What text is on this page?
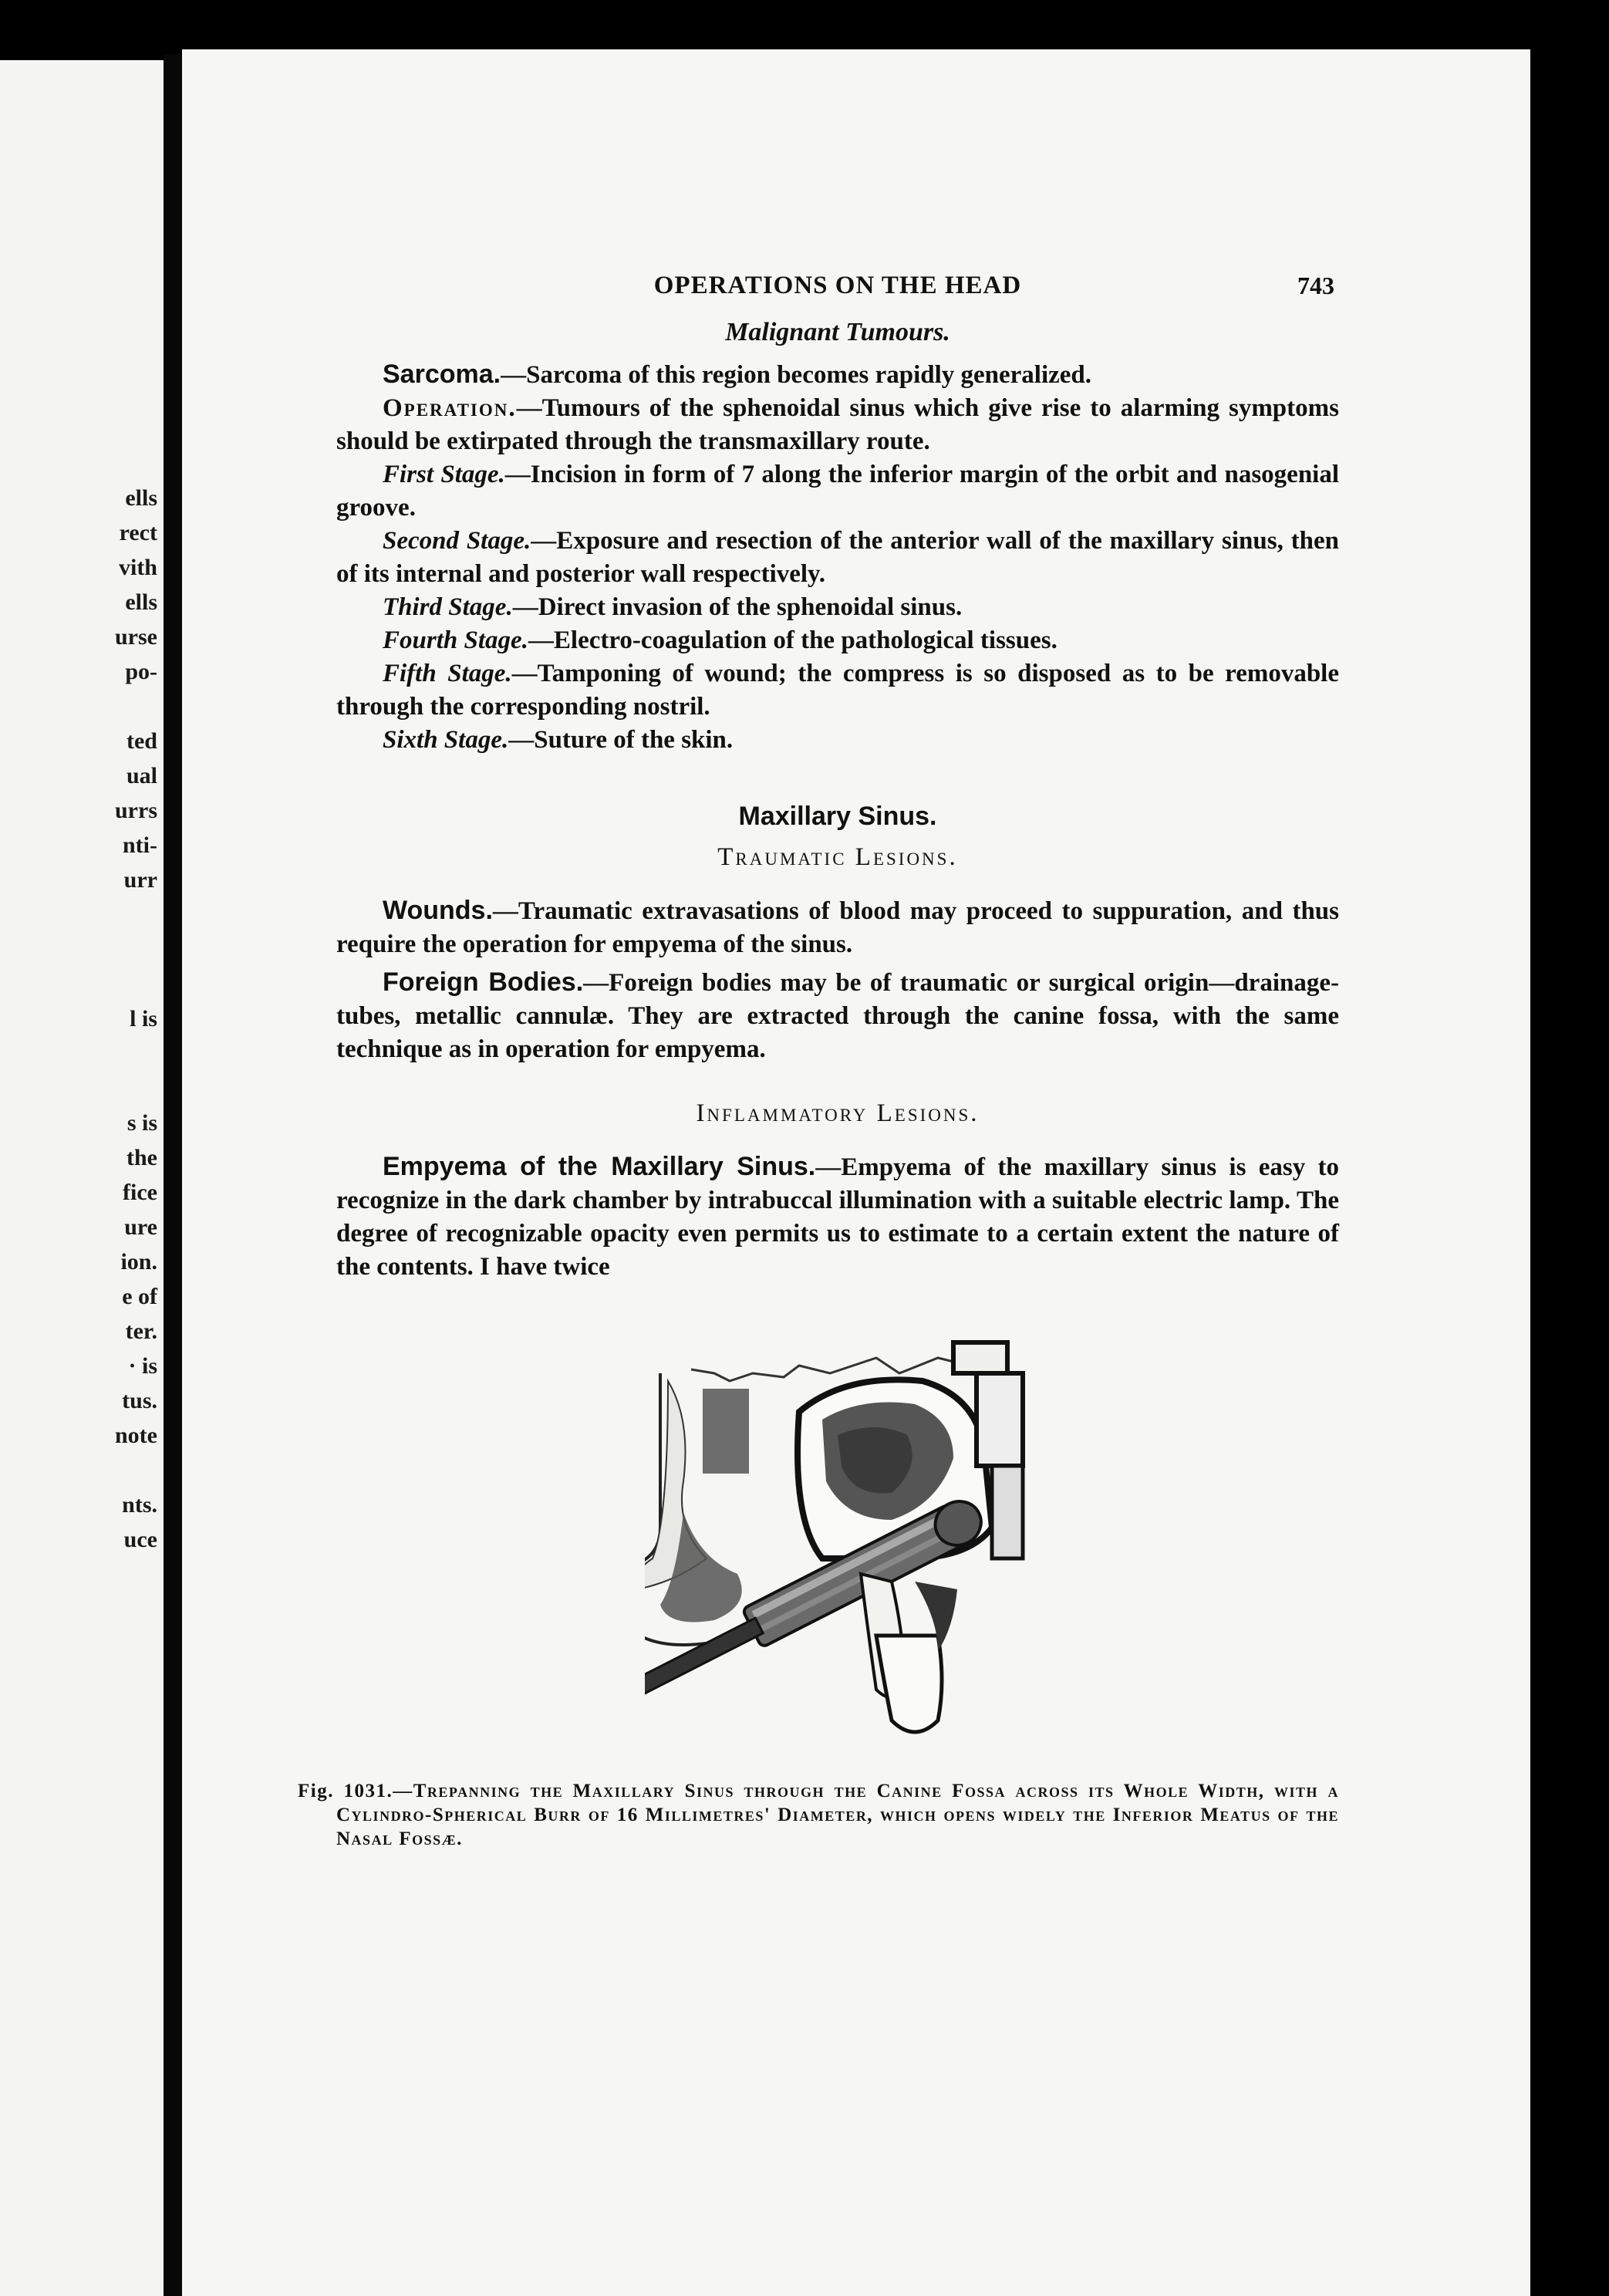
ells
rect
vith
ells
urse
po-
ted
ual
urrs
nti-
urr
l is
s is
the
fice
ure
ion.
e of
ter.
· is
tus.
note
nts.
uce
OPERATIONS ON THE HEAD	743
Malignant Tumours.

Sarcoma.—Sarcoma of this region becomes rapidly generalized.

Operation.—Tumours of the sphenoidal sinus which give rise to alarming symptoms should be extirpated through the transmaxillary route.

First Stage.—Incision in form of 7 along the inferior margin of the orbit and nasogenial groove.

Second Stage.—Exposure and resection of the anterior wall of the maxillary sinus, then of its internal and posterior wall respectively.

Third Stage.—Direct invasion of the sphenoidal sinus.

Fourth Stage.—Electro-coagulation of the pathological tissues.

Fifth Stage.—Tamponing of wound; the compress is so disposed as to be removable through the corresponding nostril.

Sixth Stage.—Suture of the skin.

Maxillary Sinus.
Traumatic Lesions.

Wounds.—Traumatic extravasations of blood may proceed to suppuration, and thus require the operation for empyema of the sinus.

Foreign Bodies.—Foreign bodies may be of traumatic or surgical origin—drainage-tubes, metallic cannulæ. They are extracted through the canine fossa, with the same technique as in operation for empyema.

Inflammatory Lesions.

Empyema of the Maxillary Sinus.—Empyema of the maxillary sinus is easy to recognize in the dark chamber by intrabuccal illumination with a suitable electric lamp. The degree of recognizable opacity even permits us to estimate to a certain extent the nature of the contents. I have twice

Fig. 1031.—Trepanning the Maxillary Sinus through the Canine Fossa across its Whole Width, with a Cylindro-Spherical Burr of 16 Millimetres' Diameter, which opens widely the Inferior Meatus of the Nasal Fossæ.
